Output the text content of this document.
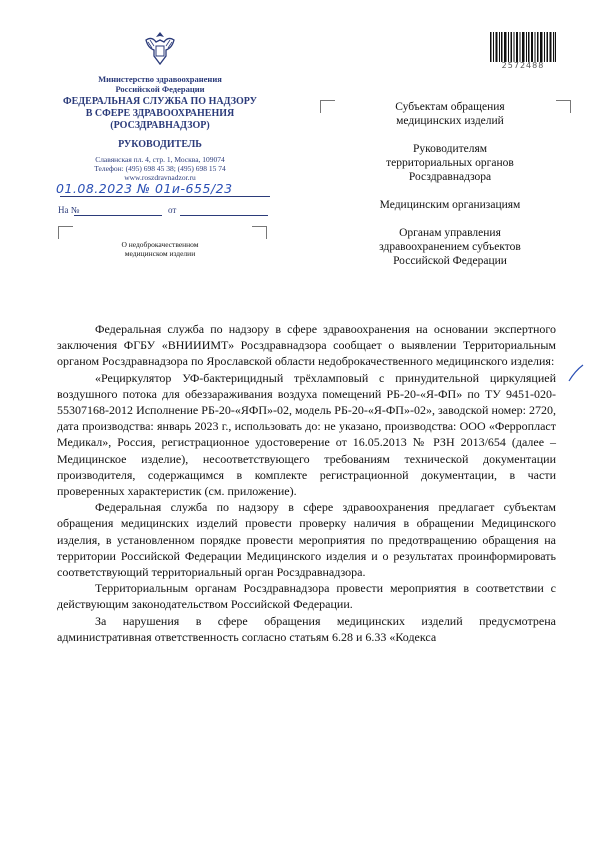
Министерство здравоохранения
Российской Федерации
ФЕДЕРАЛЬНАЯ СЛУЖБА ПО НАДЗОРУ
В СФЕРЕ ЗДРАВООХРАНЕНИЯ
(РОСЗДРАВНАДЗОР)
РУКОВОДИТЕЛЬ
Славянская пл. 4, стр. 1, Москва, 109074
Телефон: (495) 698 45 38; (495) 698 15 74
www.roszdravnadzor.ru
01.08.2023 № 01и-655/23
На №	от
О недоброкачественном
медицинском изделии
2572488

Субъектам обращения
медицинских изделий

Руководителям
территориальных органов
Росздравнадзора

Медицинским организациям

Органам управления
здравоохранением субъектов
Российской Федерации

Федеральная служба по надзору в сфере здравоохранения на основании экспертного заключения ФГБУ «ВНИИИМТ» Росздравнадзора сообщает о выявлении Территориальным органом Росздравнадзора по Ярославской области недоброкачественного медицинского изделия:

«Рециркулятор УФ-бактерицидный трёхламповый с принудительной циркуляцией воздушного потока для обеззараживания воздуха помещений РБ-20-«Я-ФП» по ТУ 9451-020-55307168-2012 Исполнение РБ-20-«ЯФП»-02, модель РБ-20-«Я-ФП»-02», заводской номер: 2720, дата производства: январь 2023 г., использовать до: не указано, производства: ООО «Ферропласт Медикал», Россия, регистрационное удостоверение от 16.05.2013 № РЗН 2013/654 (далее – Медицинское изделие), несоответствующего требованиям технической документации производителя, содержащимся в комплекте регистрационной документации, в части проверенных характеристик (см. приложение).

Федеральная служба по надзору в сфере здравоохранения предлагает субъектам обращения медицинских изделий провести проверку наличия в обращении Медицинского изделия, в установленном порядке провести мероприятия по предотвращению обращения на территории Российской Федерации Медицинского изделия и о результатах проинформировать соответствующий территориальный орган Росздравнадзора.

Территориальным органам Росздравнадзора провести мероприятия в соответствии с действующим законодательством Российской Федерации.

За нарушения в сфере обращения медицинских изделий предусмотрена административная ответственность согласно статьям 6.28 и 6.33 «Кодекса
